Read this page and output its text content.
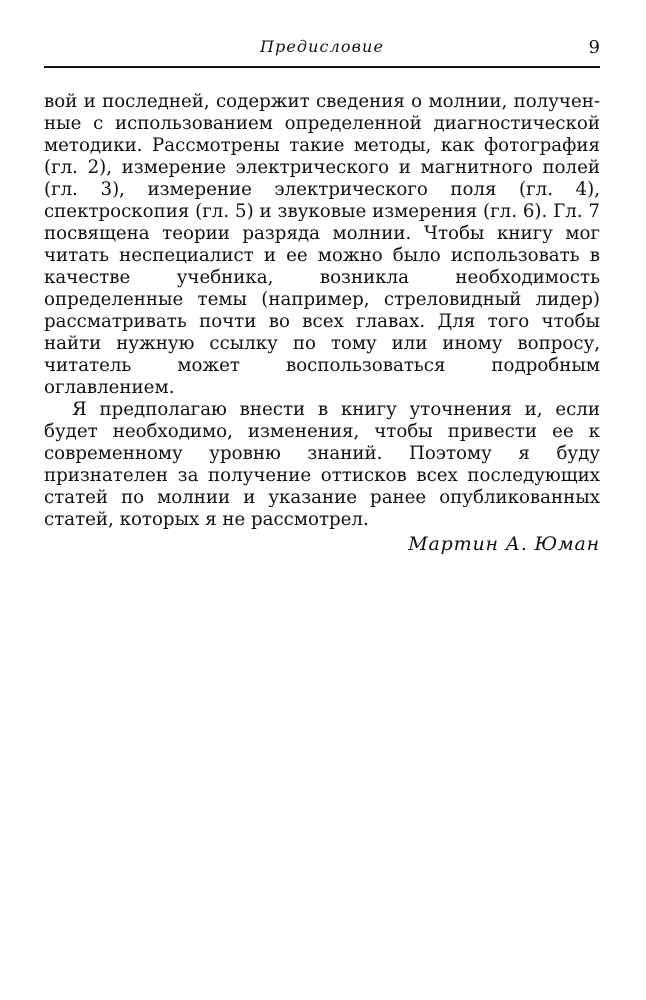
Предисловие	9

вой и последней, содержит сведения о молнии, полученные с использованием определенной диагностической методики. Рассмотрены такие методы, как фотография (гл. 2), измерение электрического и магнитного полей (гл. 3), измерение электрического поля (гл. 4), спектроскопия (гл. 5) и звуковые измерения (гл. 6). Гл. 7 посвящена теории разряда молнии. Чтобы книгу мог читать неспециалист и ее можно было использовать в качестве учебника, возникла необходимость определенные темы (например, стреловидный лидер) рассматривать почти во всех главах. Для того чтобы найти нужную ссылку по тому или иному вопросу, читатель может воспользоваться подробным оглавлением.

Я предполагаю внести в книгу уточнения и, если будет необходимо, изменения, чтобы привести ее к современному уровню знаний. Поэтому я буду признателен за получение оттисков всех последующих статей по молнии и указание ранее опубликованных статей, которых я не рассмотрел.

Мартин А. Юман
